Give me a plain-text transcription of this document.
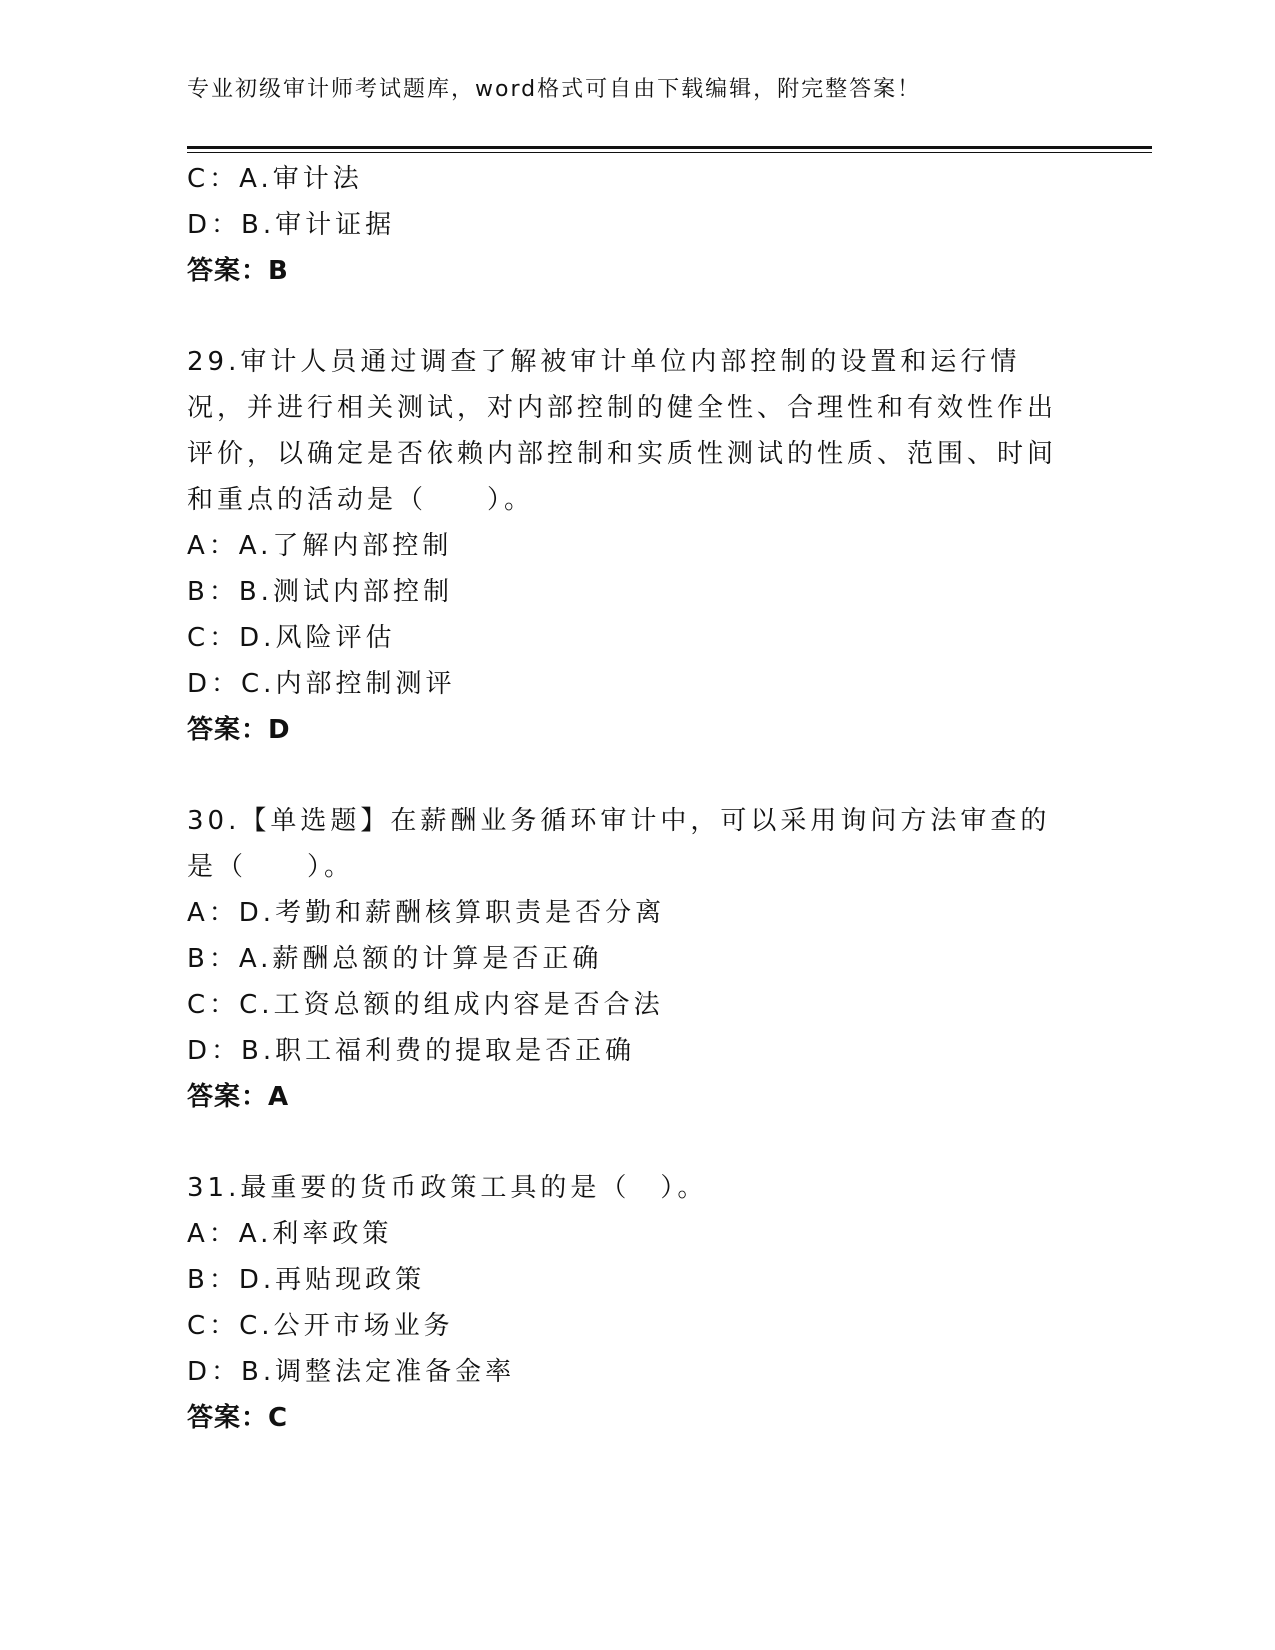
专业初级审计师考试题库，word格式可自由下载编辑，附完整答案！
C：A.审计法
D：B.审计证据
答案：B
29.审计人员通过调查了解被审计单位内部控制的设置和运行情况，并进行相关测试，对内部控制的健全性、合理性和有效性作出评价，以确定是否依赖内部控制和实质性测试的性质、范围、时间和重点的活动是（　　）。
A：A.了解内部控制
B：B.测试内部控制
C：D.风险评估
D：C.内部控制测评
答案：D
30.【单选题】在薪酬业务循环审计中，可以采用询问方法审查的是（　　）。
A：D.考勤和薪酬核算职责是否分离
B：A.薪酬总额的计算是否正确
C：C.工资总额的组成内容是否合法
D：B.职工福利费的提取是否正确
答案：A
31.最重要的货币政策工具的是（　）。
A：A.利率政策
B：D.再贴现政策
C：C.公开市场业务
D：B.调整法定准备金率
答案：C
